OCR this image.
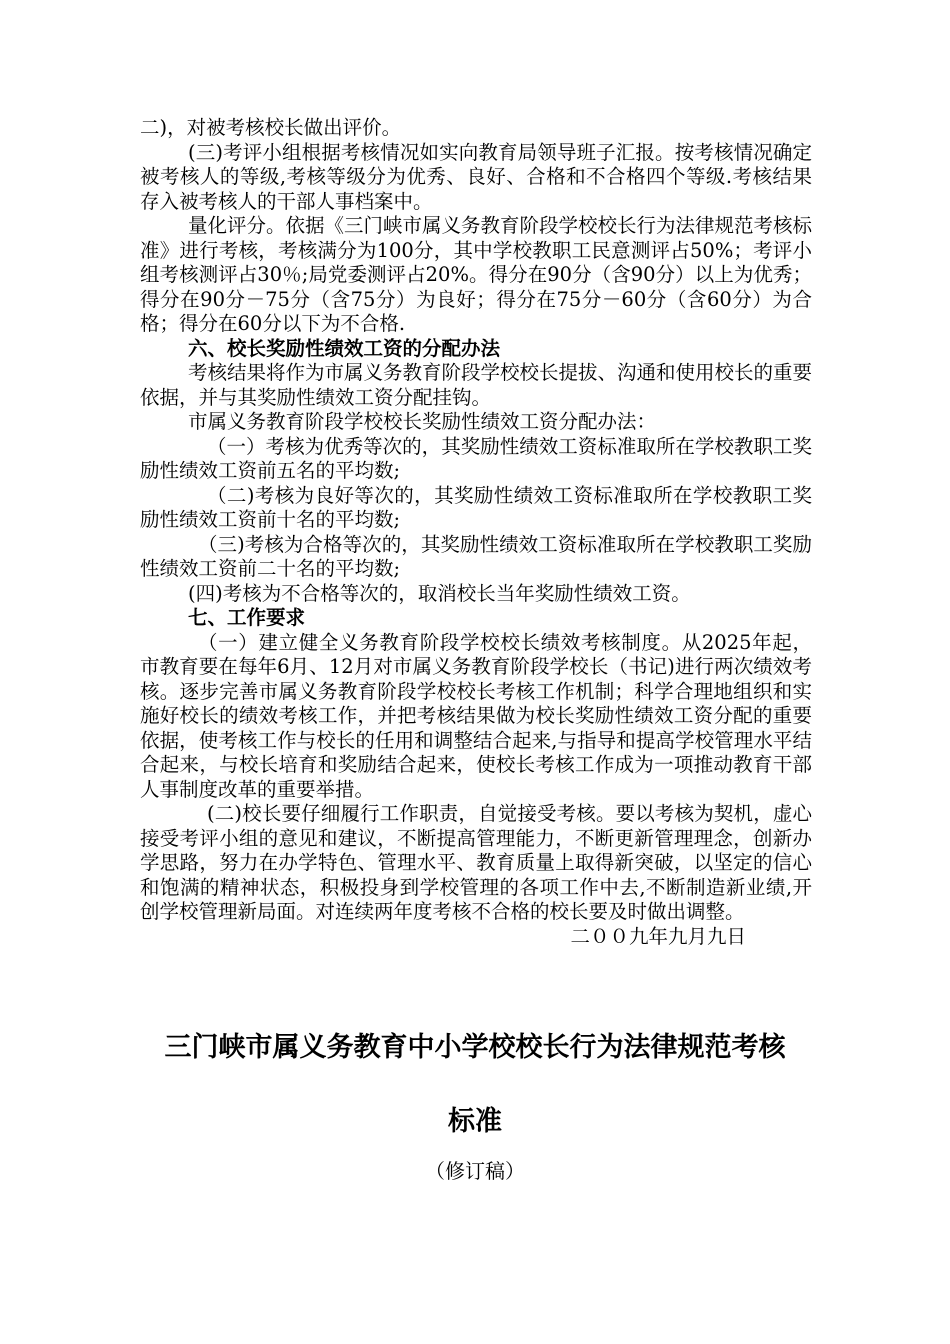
二)，对被考核校长做出评价。

(三)考评小组根据考核情况如实向教育局领导班子汇报。按考核情况确定被考核人的等级,考核等级分为优秀、良好、合格和不合格四个等级.考核结果存入被考核人的干部人事档案中。

量化评分。依据《三门峡市属义务教育阶段学校校长行为法律规范考核标准》进行考核，考核满分为100分，其中学校教职工民意测评占50%；考评小组考核测评占30％;局党委测评占20%。得分在90分（含90分）以上为优秀；得分在90分－75分（含75分）为良好；得分在75分－60分（含60分）为合格；得分在60分以下为不合格.

六、校长奖励性绩效工资的分配办法

考核结果将作为市属义务教育阶段学校校长提拔、沟通和使用校长的重要依据，并与其奖励性绩效工资分配挂钩。

市属义务教育阶段学校校长奖励性绩效工资分配办法：

（一）考核为优秀等次的，其奖励性绩效工资标准取所在学校教职工奖励性绩效工资前五名的平均数;

（二)考核为良好等次的，其奖励性绩效工资标准取所在学校教职工奖励性绩效工资前十名的平均数;

（三)考核为合格等次的，其奖励性绩效工资标准取所在学校教职工奖励性绩效工资前二十名的平均数;

(四)考核为不合格等次的，取消校长当年奖励性绩效工资。

七、工作要求

（一）建立健全义务教育阶段学校校长绩效考核制度。从2025年起，市教育要在每年6月、12月对市属义务教育阶段学校长（书记)进行两次绩效考核。逐步完善市属义务教育阶段学校校长考核工作机制；科学合理地组织和实施好校长的绩效考核工作，并把考核结果做为校长奖励性绩效工资分配的重要依据，使考核工作与校长的任用和调整结合起来,与指导和提高学校管理水平结合起来，与校长培育和奖励结合起来，使校长考核工作成为一项推动教育干部人事制度改革的重要举措。

(二)校长要仔细履行工作职责，自觉接受考核。要以考核为契机，虚心接受考评小组的意见和建议，不断提高管理能力，不断更新管理理念，创新办学思路，努力在办学特色、管理水平、教育质量上取得新突破，以坚定的信心和饱满的精神状态，积极投身到学校管理的各项工作中去,不断制造新业绩,开创学校管理新局面。对连续两年度考核不合格的校长要及时做出调整。

二００九年九月九日

三门峡市属义务教育中小学校校长行为法律规范考核
标准

（修订稿）
